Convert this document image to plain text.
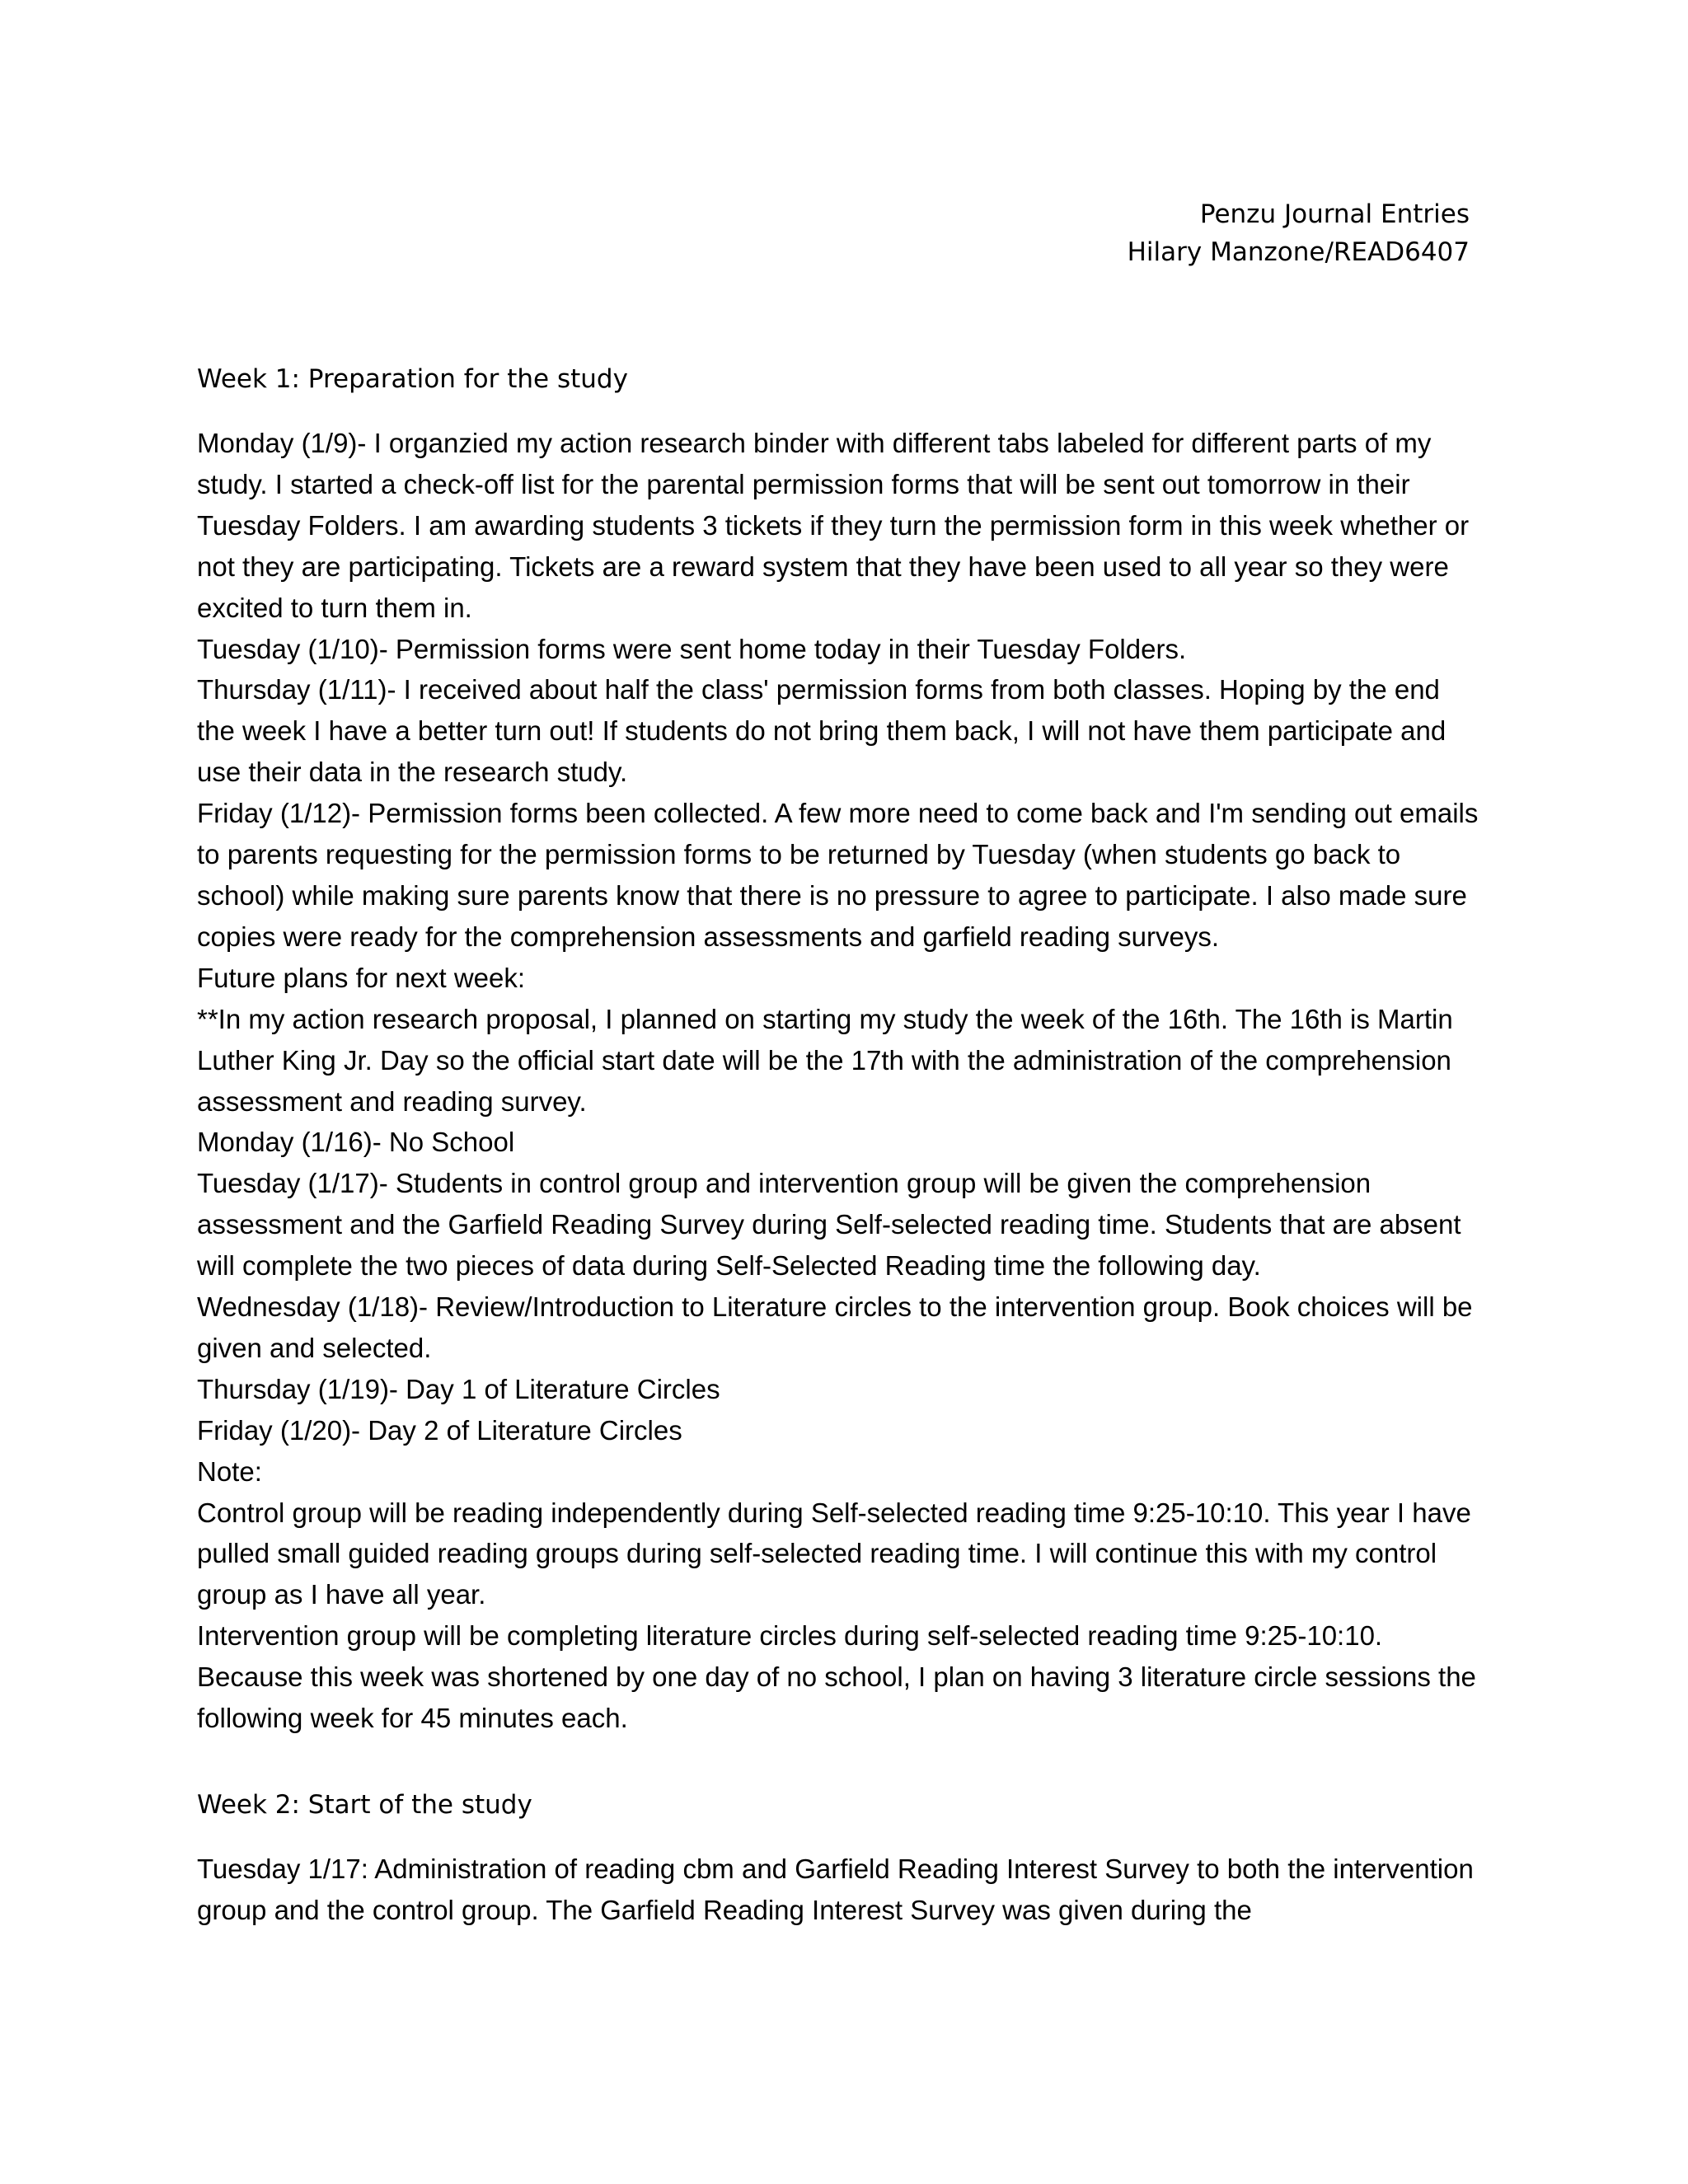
Penzu Journal Entries
Hilary Manzone/READ6407
Week 1: Preparation for the study

Monday (1/9)- I organzied my action research binder with different tabs labeled for different parts of my study. I started a check-off list for the parental permission forms that will be sent out tomorrow in their Tuesday Folders. I am awarding students 3 tickets if they turn the permission form in this week whether or not they are participating. Tickets are a reward system that they have been used to all year so they were excited to turn them in.

Tuesday (1/10)- Permission forms were sent home today in their Tuesday Folders.

Thursday (1/11)- I received about half the class' permission forms from both classes. Hoping by the end the week I have a better turn out! If students do not bring them back, I will not have them participate and use their data in the research study.

Friday (1/12)- Permission forms been collected. A few more need to come back and I'm sending out emails to parents requesting for the permission forms to be returned by Tuesday (when students go back to school) while making sure parents know that there is no pressure to agree to participate. I also made sure copies were ready for the comprehension assessments and garfield reading surveys.

Future plans for next week:

**In my action research proposal, I planned on starting my study the week of the 16th. The 16th is Martin Luther King Jr. Day so the official start date will be the 17th with the administration of the comprehension assessment and reading survey.

Monday (1/16)- No School

Tuesday (1/17)- Students in control group and intervention group will be given the comprehension assessment and the Garfield Reading Survey during Self-selected reading time. Students that are absent will complete the two pieces of data during Self-Selected Reading time the following day.

Wednesday (1/18)- Review/Introduction to Literature circles to the intervention group. Book choices will be given and selected.

Thursday (1/19)- Day 1 of Literature Circles

Friday (1/20)- Day 2 of Literature Circles

Note:

Control group will be reading independently during Self-selected reading time 9:25-10:10. This year I have pulled small guided reading groups during self-selected reading time. I will continue this with my control group as I have all year.

Intervention group will be completing literature circles during self-selected reading time 9:25-10:10. Because this week was shortened by one day of no school, I plan on having 3 literature circle sessions the following week for 45 minutes each.

Week 2: Start of the study

Tuesday 1/17: Administration of reading cbm and Garfield Reading Interest Survey to both the intervention group and the control group. The Garfield Reading Interest Survey was given during the
